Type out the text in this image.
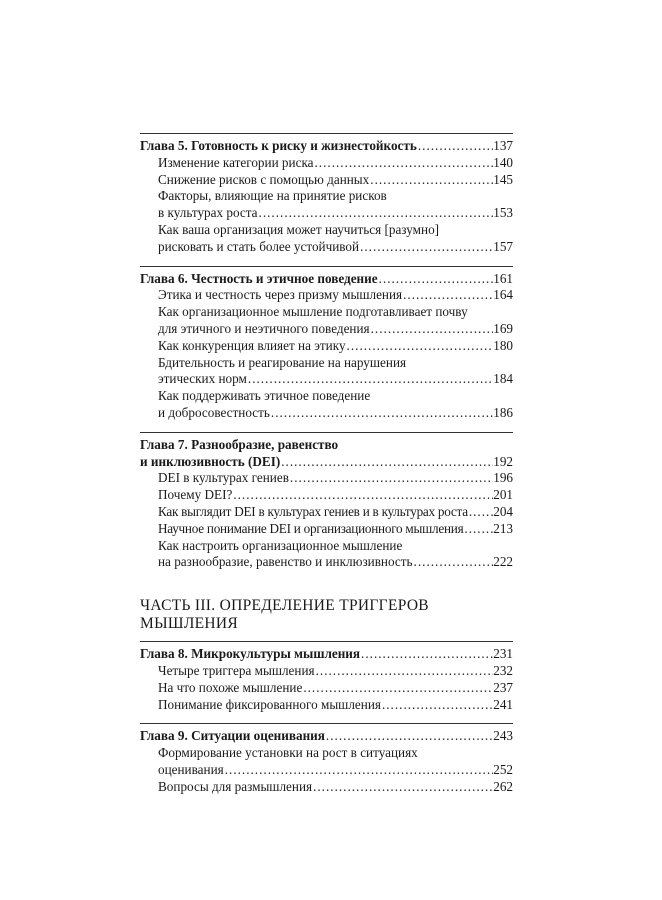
Глава 5. Готовность к риску и жизнестойкость .....	137
Изменение категории риска .....	140
Снижение рисков с помощью данных .....	145
Факторы, влияющие на принятие рисков
в культурах роста .....	153
Как ваша организация может научиться [разумно]
рисковать и стать более устойчивой .....	157
Глава 6. Честность и этичное поведение .....	161
Этика и честность через призму мышления .....	164
Как организационное мышление подготавливает почву
для этичного и неэтичного поведения .....	169
Как конкуренция влияет на этику .....	180
Бдительность и реагирование на нарушения
этических норм .....	184
Как поддерживать этичное поведение
и добросовестность .....	186
Глава 7. Разнообразие, равенство
и инклюзивность (DEI) .....	192
DEI в культурах гениев .....	196
Почему DEI? .....	201
Как выглядит DEI в культурах гениев и в культурах роста ..... 204
Научное понимание DEI и организационного мышления ..... 213
Как настроить организационное мышление
на разнообразие, равенство и инклюзивность .....	222
ЧАСТЬ III. ОПРЕДЕЛЕНИЕ ТРИГГЕРОВ
МЫШЛЕНИЯ
Глава 8. Микрокультуры мышления .....	231
Четыре триггера мышления .....	232
На что похоже мышление .....	237
Понимание фиксированного мышления .....	241
Глава 9. Ситуации оценивания .....	243
Формирование установки на рост в ситуациях
оценивания .....	252
Вопросы для размышления .....	262
